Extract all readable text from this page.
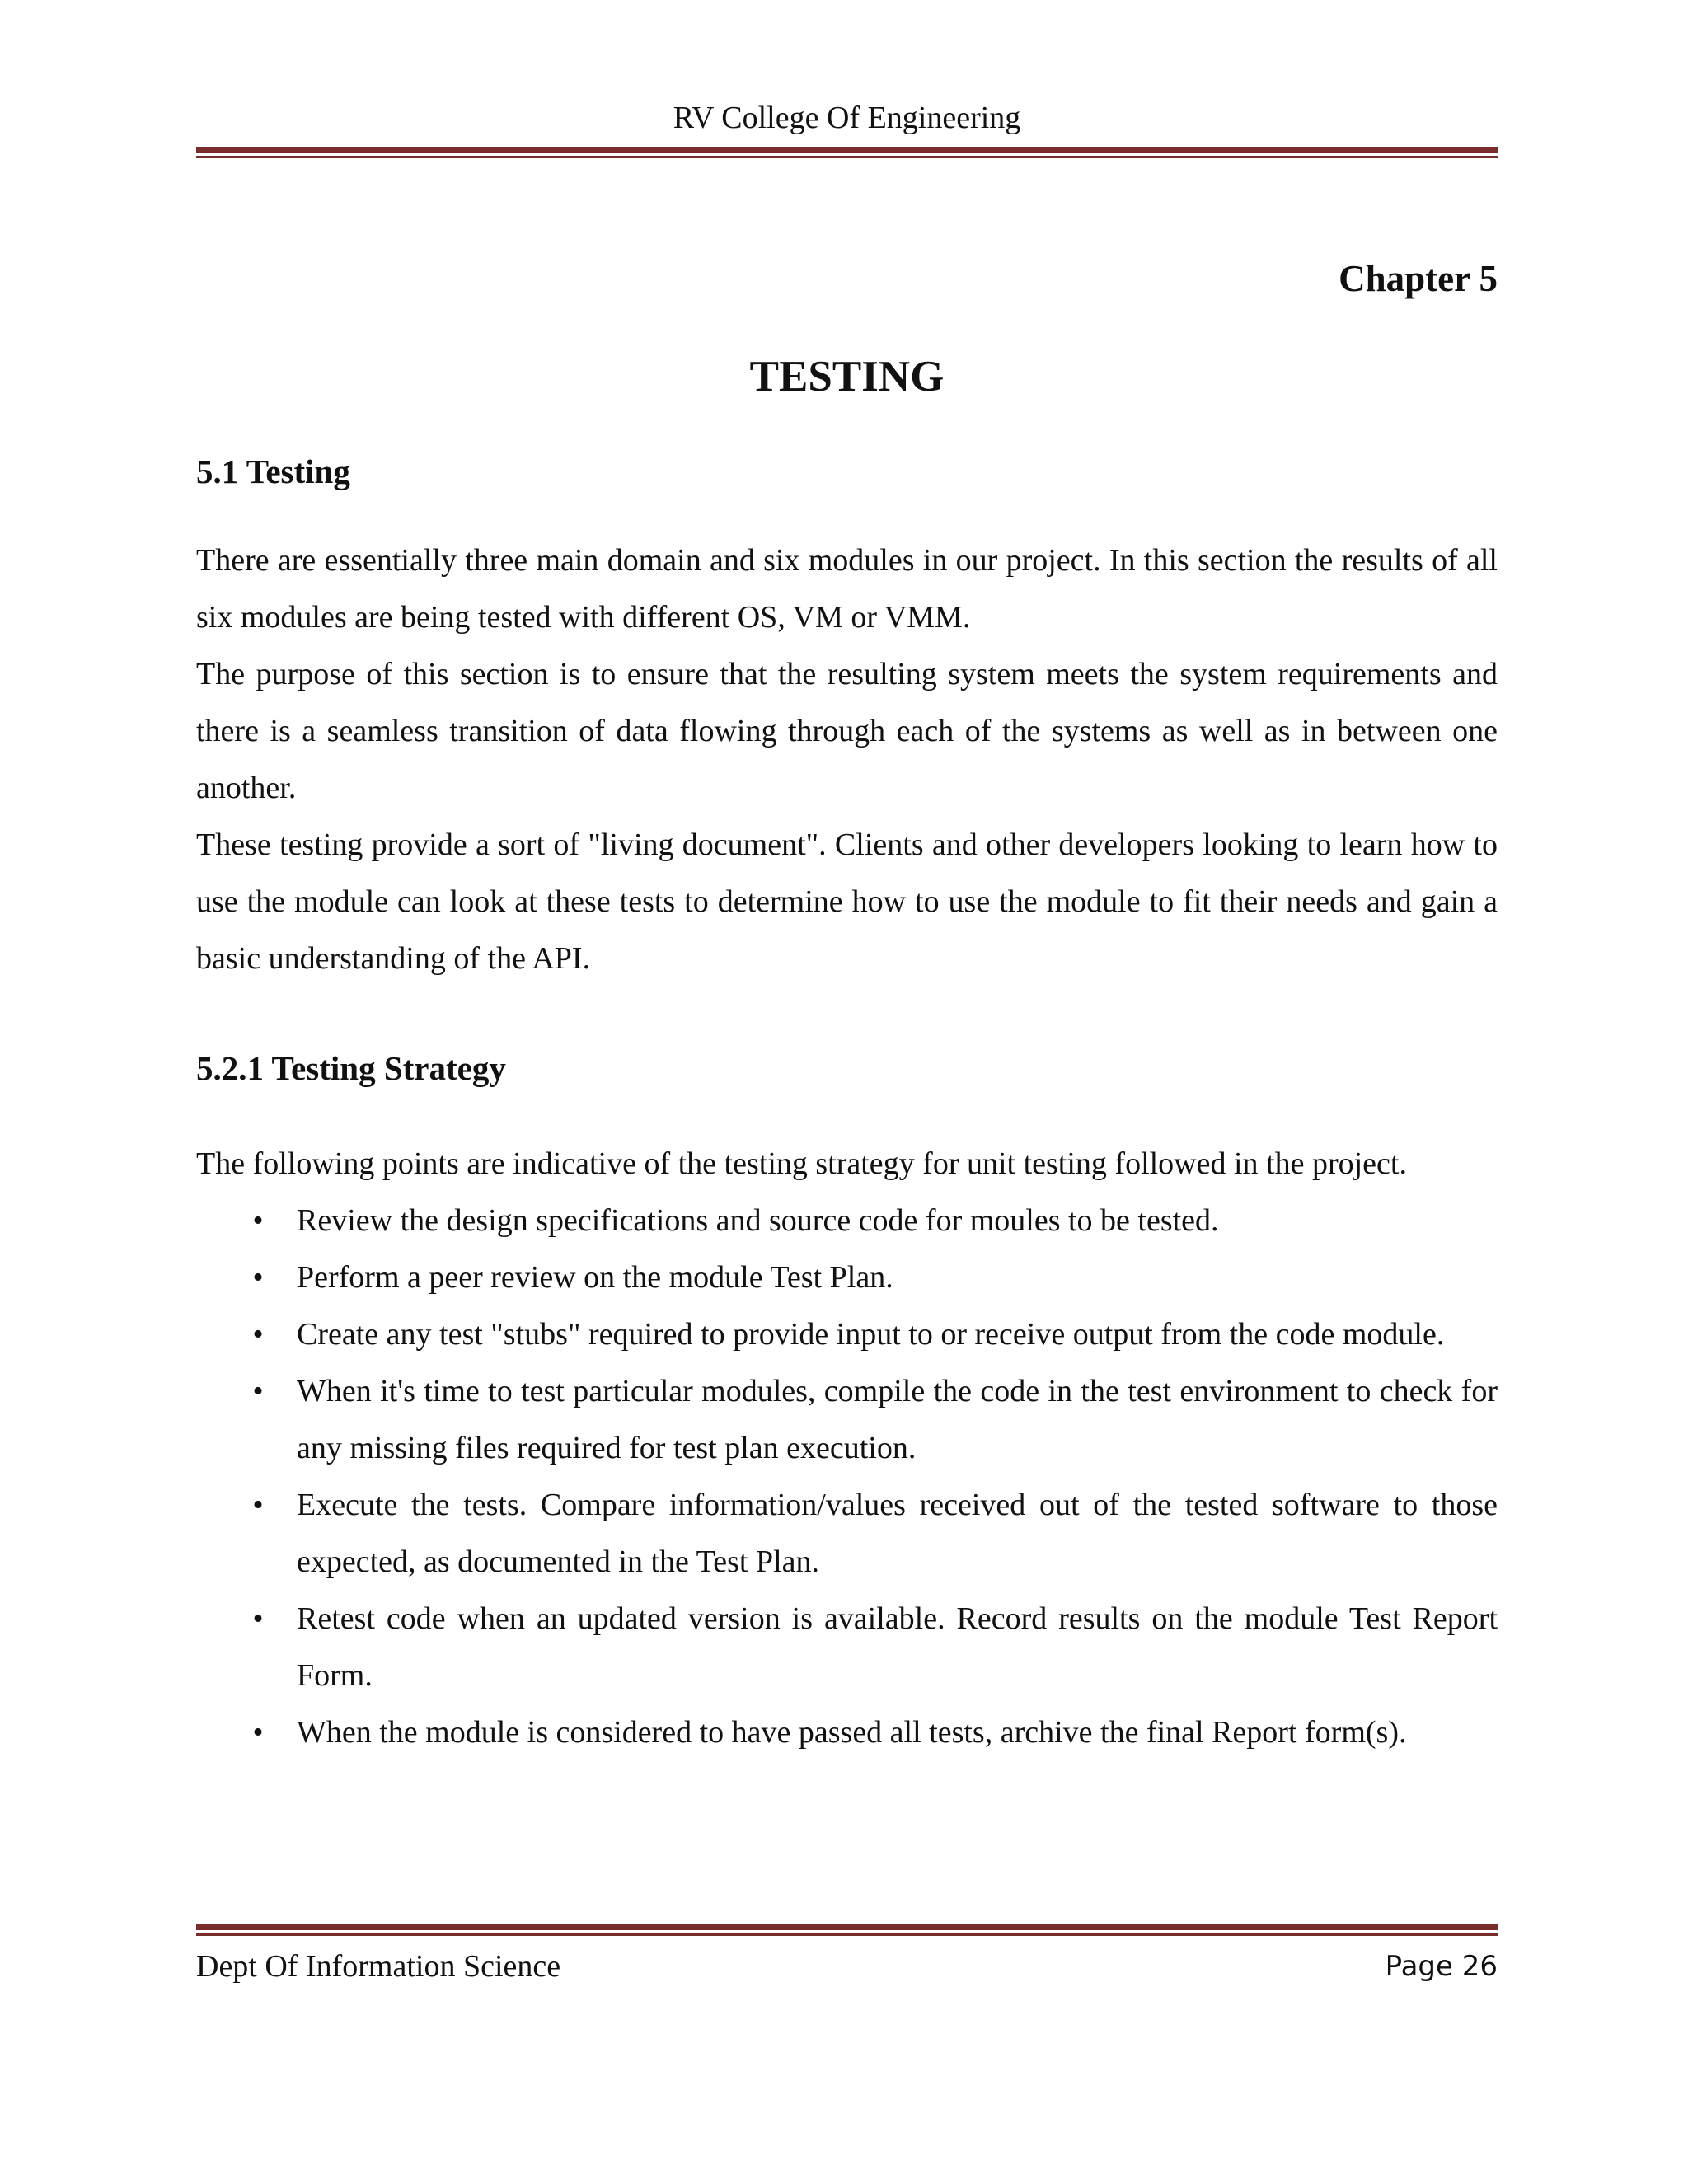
RV College Of Engineering
Chapter 5
TESTING
5.1 Testing

There are essentially three main domain and six modules in our project. In this section the results of all six modules are being tested with different OS, VM or VMM.

The purpose of this section is to ensure that the resulting system meets the system requirements and there is a seamless transition of data flowing through each of the systems as well as in between one another.

These testing provide a sort of "living document". Clients and other developers looking to learn how to use the module can look at these tests to determine how to use the module to fit their needs and gain a basic understanding of the API.

5.2.1 Testing Strategy

The following points are indicative of the testing strategy for unit testing followed in the project.

• Review the design specifications and source code for moules to be tested.
• Perform a peer review on the module Test Plan.
• Create any test "stubs" required to provide input to or receive output from the code module.
• When it's time to test particular modules, compile the code in the test environment to check for any missing files required for test plan execution.
• Execute the tests. Compare information/values received out of the tested software to those expected, as documented in the Test Plan.
• Retest code when an updated version is available. Record results on the module Test Report Form.
• When the module is considered to have passed all tests, archive the final Report form(s).
Dept Of Information Science	Page 26
